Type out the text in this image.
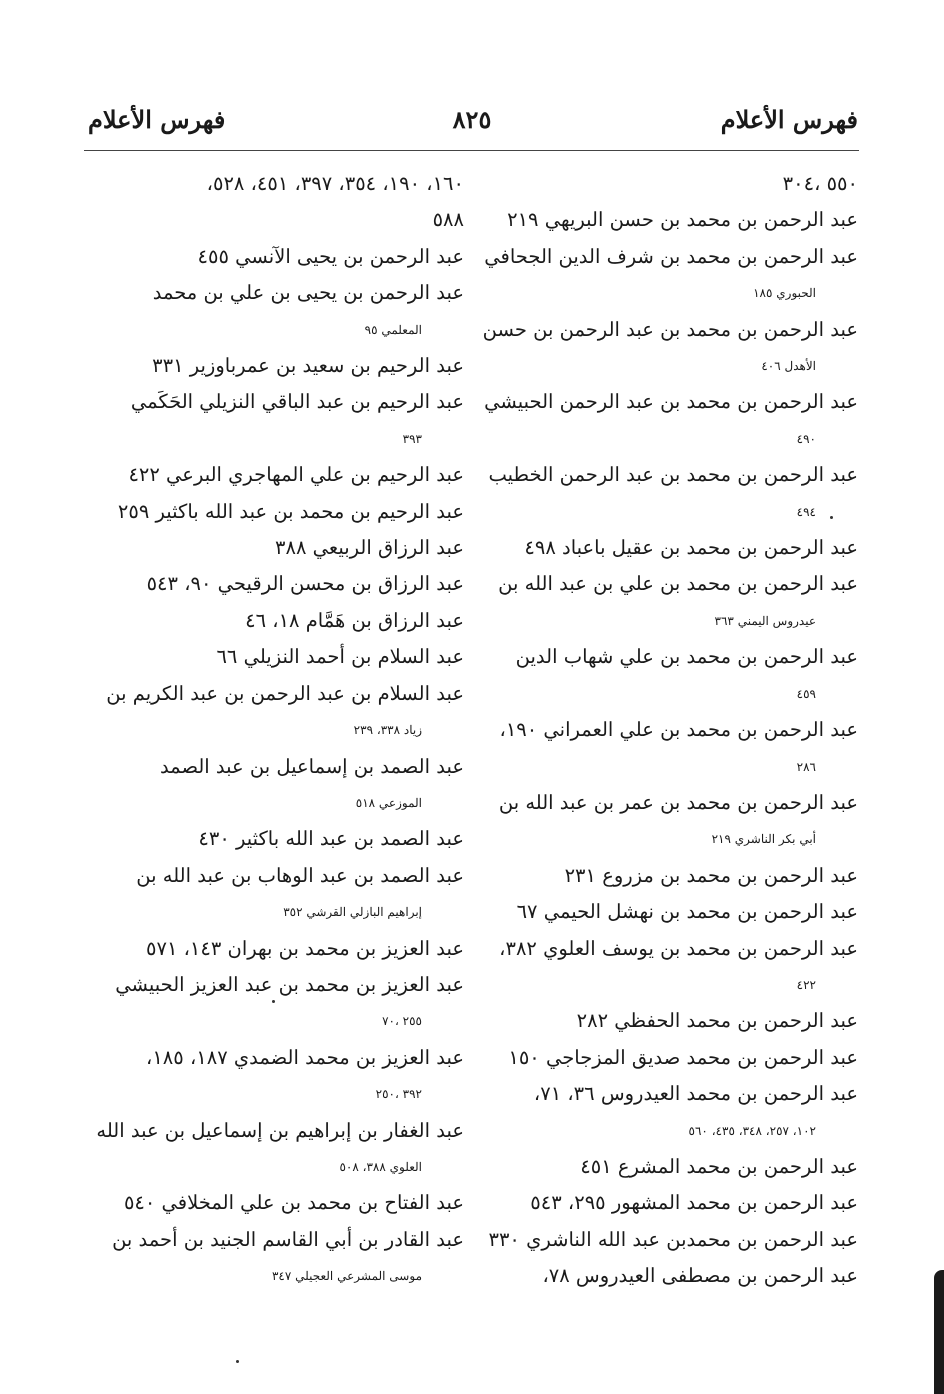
فهرس الأعلام
٨٢٥
فهرس الأعلام
٥٥٠ ،٣٠٤
عبد الرحمن بن محمد بن حسن البريهي ٢١٩
عبد الرحمن بن محمد بن شرف الدين الجحافي
الحبوري ١٨٥
عبد الرحمن بن محمد بن عبد الرحمن بن حسن
الأهدل ٤٠٦
عبد الرحمن بن محمد بن عبد الرحمن الحبيشي
٤٩٠
عبد الرحمن بن محمد بن عبد الرحمن الخطيب
٤٩٤
عبد الرحمن بن محمد بن عقيل باعباد ٤٩٨
عبد الرحمن بن محمد بن علي بن عبد الله بن
عيدروس اليمني ٣٦٣
عبد الرحمن بن محمد بن علي شهاب الدين
٤٥٩
عبد الرحمن بن محمد بن علي العمراني ١٩٠،
٢٨٦
عبد الرحمن بن محمد بن عمر بن عبد الله بن
أبي بكر الناشري ٢١٩
عبد الرحمن بن محمد بن مزروع ٢٣١
عبد الرحمن بن محمد بن نهشل الحيمي ٦٧
عبد الرحمن بن محمد بن يوسف العلوي ٣٨٢،
٤٢٢
عبد الرحمن بن محمد الحفظي ٢٨٢
عبد الرحمن بن محمد صديق المزجاجي ١٥٠
عبد الرحمن بن محمد العيدروس ٣٦، ٧١،
١٠٢، ٢٥٧، ٣٤٨، ٤٣٥، ٥٦٠
عبد الرحمن بن محمد المشرع ٤٥١
عبد الرحمن بن محمد المشهور ٢٩٥، ٥٤٣
عبد الرحمن بن محمدبن عبد الله الناشري ٣٣٠
عبد الرحمن بن مصطفى العيدروس ٧٨،
١٦٠، ١٩٠، ٣٥٤، ٣٩٧، ٤٥١، ٥٢٨،
٥٨٨
عبد الرحمن بن يحيى الآنسي ٤٥٥
عبد الرحمن بن يحيى بن علي بن محمد
المعلمي ٩٥
عبد الرحيم بن سعيد بن عمرباوزير ٣٣١
عبد الرحيم بن عبد الباقي النزيلي الحَكَمي
٣٩٣
عبد الرحيم بن علي المهاجري البرعي ٤٢٢
عبد الرحيم بن محمد بن عبد الله باكثير ٢٥٩
عبد الرزاق الربيعي ٣٨٨
عبد الرزاق بن محسن الرقيحي ٩٠، ٥٤٣
عبد الرزاق بن هَمَّام ١٨، ٤٦
عبد السلام بن أحمد النزيلي ٦٦
عبد السلام بن عبد الرحمن بن عبد الكريم بن
زياد ٣٣٨، ٢٣٩
عبد الصمد بن إسماعيل بن عبد الصمد
الموزعي ٥١٨
عبد الصمد بن عبد الله باكثير ٤٣٠
عبد الصمد بن عبد الوهاب بن عبد الله بن
إبراهيم البازلي القرشي ٣٥٢
عبد العزيز بن محمد بن بهران ١٤٣، ٥٧١
عبد العزيز بن محمد بن عبد العزيز الحبيشي
٢٥٥ ،٧٠
عبد العزيز بن محمد الضمدي ١٨٧، ١٨٥،
٣٩٢ ،٢٥٠
عبد الغفار بن إبراهيم بن إسماعيل بن عبد الله
العلوي ٣٨٨، ٥٠٨
عبد الفتاح بن محمد بن علي المخلافي ٥٤٠
عبد القادر بن أبي القاسم الجنيد بن أحمد بن
موسى المشرعي العجيلي ٣٤٧
